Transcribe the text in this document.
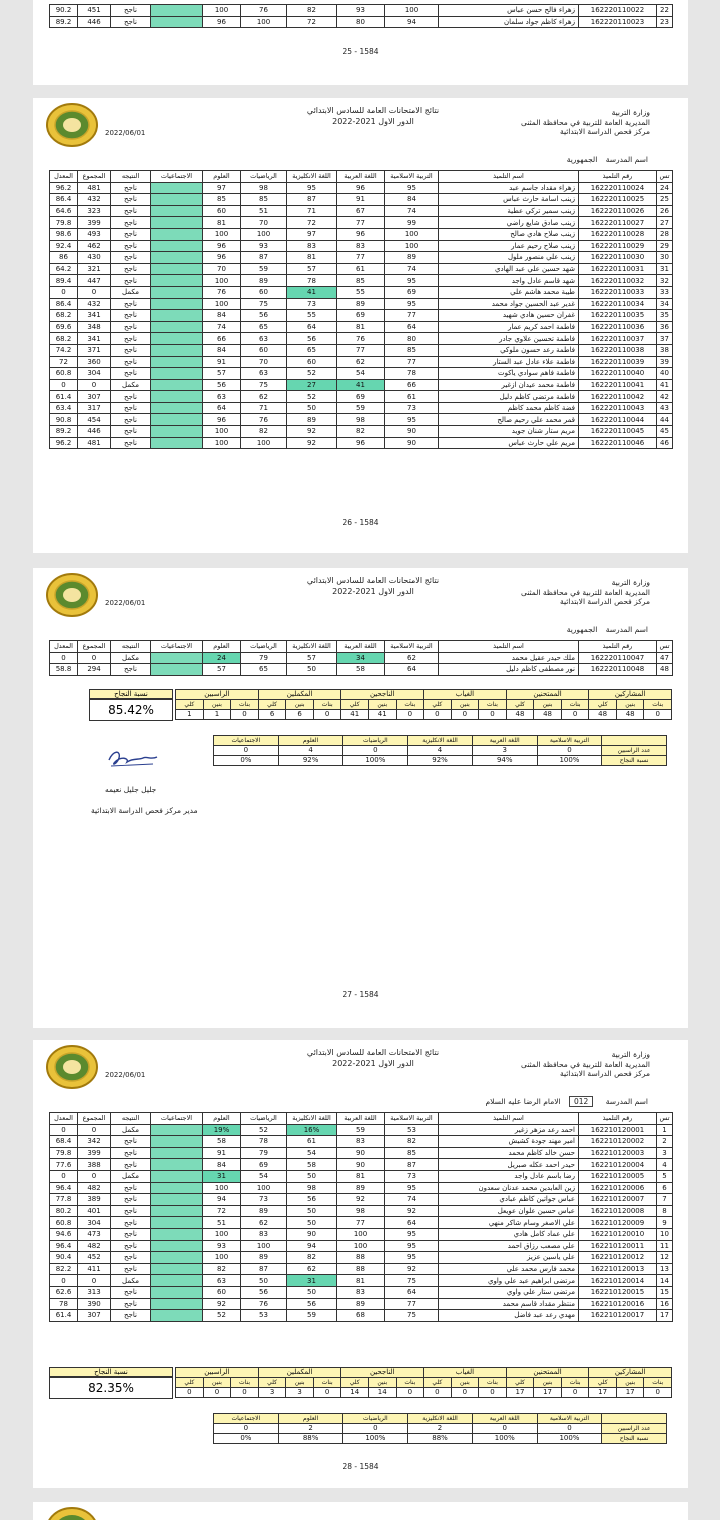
22	162220110022	زهراء فالح حسن عباس	100	93	82	76	100		ناجح	451	90.2
23	162220110023	زهراء كاظم جواد سلمان	94	80	72	100	96		ناجح	446	89.2
25 - 1584
2022/06/01
نتائج الامتحانات العامة للسادس الابتدائي
2022-2021 الدور الاول
وزارة التربية
المديرية العامة للتربية في محافظة المثنى
مركز فحص الدراسة الابتدائية
اسم المدرسة الجمهورية
تس	رقم التلميذ	اسم التلميذ	التربية الاسلامية	اللغة العربية	اللغة الانكليزية	الرياضيات	العلوم	الاجتماعيات	النتيجه	المجموع	المعدل
24	162220110024	زهراء مقداد جاسم عبد	95	96	95	98	97		ناجح	481	96.2
25	162220110025	زينب اسامة حارث عباس	84	91	87	85	85		ناجح	432	86.4
26	162220110026	زينب سمير تركي عطية	74	67	71	51	60		ناجح	323	64.6
27	162220110027	زينب صادق شايع راضي	99	77	72	70	81		ناجح	399	79.8
28	162220110028	زينب صلاح هادي صالح	100	96	97	100	100		ناجح	493	98.6
29	162220110029	زينب صلاح رحيم عمار	100	83	83	93	96		ناجح	462	92.4
30	162220110030	زينب علي منصور ملول	89	77	81	87	96		ناجح	430	86
31	162220110031	شهد حسين علي عبد الهادي	74	61	57	59	70		ناجح	321	64.2
32	162220110032	شهد قاسم عادل واجد	95	85	78	89	100		ناجح	447	89.4
33	162220110033	طيبة محمد هاشم علي	69	55	41	60	76		مكمل	0	0
34	162220110034	غدير عبد الحسين جواد محمد	95	89	73	75	100		ناجح	432	86.4
35	162220110035	غفران حسين هادي شهيد	77	69	55	56	84		ناجح	341	68.2
36	162220110036	فاطمة احمد كريم عمار	64	81	64	65	74		ناجح	348	69.6
37	162220110037	فاطمة تحسين علاوي جادر	80	76	56	63	66		ناجح	341	68.2
38	162220110038	فاطمة رعد حسون ملوكي	85	77	65	60	84		ناجح	371	74.2
39	162220110039	فاطمة علاء عادل عبد الستار	77	62	60	70	91		ناجح	360	72
40	162220110040	فاطمة فاهم سوادي ياكوت	78	54	52	63	57		ناجح	304	60.8
41	162220110041	فاطمة محمد عيدان ازغير	66	41	27	75	56		مكمل	0	0
42	162220110042	فاطمة مرتضى كاظم دليل	61	69	52	62	63		ناجح	307	61.4
43	162220110043	فضة كاظم محمد كاظم	73	59	50	71	64		ناجح	317	63.4
44	162220110044	قمر محمد علي رحيم صالح	95	98	89	76	96		ناجح	454	90.8
45	162220110045	مريم ستار شنان جويد	90	82	92	82	100		ناجح	446	89.2
46	162220110046	مريم علي حارث عباس	90	96	92	100	100		ناجح	481	96.2
26 - 1584
2022/06/01
نتائج الامتحانات العامة للسادس الابتدائي
2022-2021 الدور الاول
وزارة التربية
المديرية العامة للتربية في محافظة المثنى
مركز فحص الدراسة الابتدائية
اسم المدرسة الجمهورية
تس	رقم التلميذ	اسم التلميذ	التربية الاسلامية	اللغة العربية	اللغة الانكليزية	الرياضيات	العلوم	الاجتماعيات	النتيجه	المجموع	المعدل
47	162220110047	ملك حيدر عقيل محمد	62	34	57	79	24		مكمل	0	0
48	162220110048	نور مصطفى كاظم دليل	64	58	50	65	57		ناجح	294	58.8
المشاركين			الممتحنين			الغياب			الناجحين			المكملين			الراسبين		
بنات	بنين	كلي	بنات	بنين	كلي	بنات	بنين	كلي	بنات	بنين	كلي	بنات	بنين	كلي	بنات	بنين	كلي
0	48	48	0	48	48	0	0	0	0	41	41	0	6	6	0	1	1
نسبة النجاح
85.42%
	التربية الاسلامية	اللغة العربية	اللغة الانكليزية	الرياضيات	العلوم	الاجتماعيات
عدد الراسبين	0	3	4	0	4	0
نسبة النجاح	100%	94%	92%	100%	92%	0%
جليل جليل نعيمه
مدير مركز فحص الدراسة الابتدائية
27 - 1584
2022/06/01
نتائج الامتحانات العامة للسادس الابتدائي
2022-2021 الدور الاول
وزارة التربية
المديرية العامة للتربية في محافظة المثنى
مركز فحص الدراسة الابتدائية
اسم المدرسة 012 الامام الرضا عليه السلام
تس	رقم التلميذ	اسم التلميذ	التربية الاسلامية	اللغة العربية	اللغة الانكليزية	الرياضيات	العلوم	الاجتماعيات	النتيجه	المجموع	المعدل
1	162210120001	احمد رعد مزهر زغير	53	59	16%	52	19%		مكمل	0	0
2	162210120002	امير مهند جودة كشيش	82	83	61	78	58		ناجح	342	68.4
3	162210120003	حسن خالد كاظم محمد	85	90	54	79	91		ناجح	399	79.8
4	162210120004	حيدر احمد عكله صبريل	87	90	58	69	84		ناجح	388	77.6
5	162210120005	رضا باسم عادل واجد	73	81	50	54	31		مكمل	0	0
6	162210120006	زين العابدين محمد عدنان سعدون	95	89	98	100	100		ناجح	482	96.4
7	162210120007	عباس جواتين كاظم عبادي	74	92	56	73	94		ناجح	389	77.8
8	162210120008	عباس حسين علوان عويعل	92	98	50	89	72		ناجح	401	80.2
9	162210120009	علي الاصغر وسام شاكر منهي	64	77	50	62	51		ناجح	304	60.8
10	162210120010	علي عماد كامل هادي	95	100	90	83	100		ناجح	473	94.6
11	162210120011	علي مصعب رزاق احمد	95	100	94	100	93		ناجح	482	96.4
12	162210120012	علي ياسين عزيز	95	88	82	89	100		ناجح	452	90.4
13	162210120013	محمد فارس محمد علي	92	88	62	87	82		ناجح	411	82.2
14	162210120014	مرتضى ابراهيم عبد علي واوي	75	81	31	50	63		مكمل	0	0
15	162210120015	مرتضى ستار علي واوي	64	83	50	56	60		ناجح	313	62.6
16	162210120016	منتظر مقداد قاسم محمد	77	89	56	76	92		ناجح	390	78
17	162210120017	مهدي رعد عبد فاضل	75	68	59	53	52		ناجح	307	61.4
المشاركين			الممتحنين			الغياب			الناجحين			المكملين			الراسبين		
بنات	بنين	كلي	بنات	بنين	كلي	بنات	بنين	كلي	بنات	بنين	كلي	بنات	بنين	كلي	بنات	بنين	كلي
0	17	17	0	17	17	0	0	0	0	14	14	0	3	3	0	0	0
نسبة النجاح
82.35%
	التربية الاسلامية	اللغة العربية	اللغة الانكليزية	الرياضيات	العلوم	الاجتماعيات
عدد الراسبين	0	0	2	0	2	0
نسبة النجاح	100%	100%	88%	100%	88%	0%
28 - 1584
